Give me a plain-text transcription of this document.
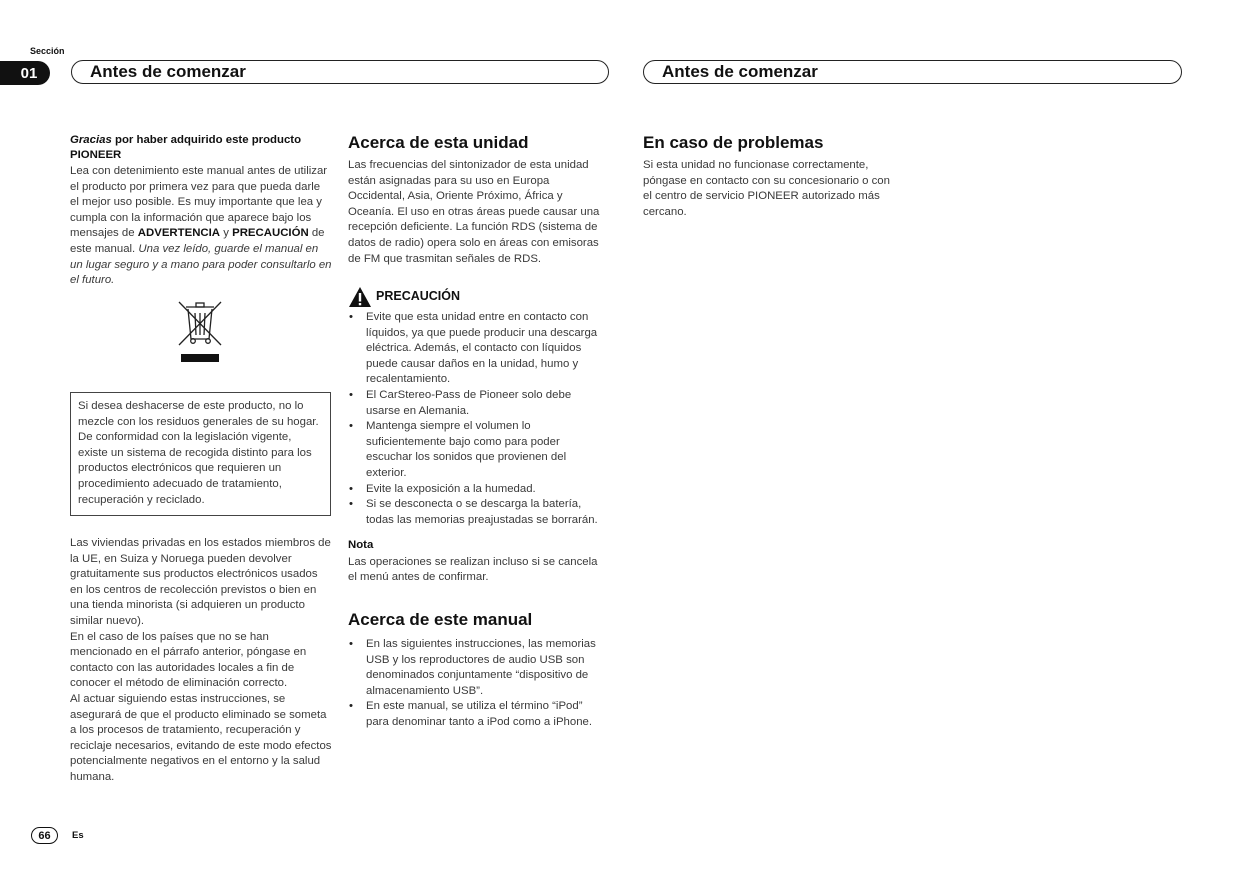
Sección
01	Antes de comenzar	Antes de comenzar
Gracias por haber adquirido este producto
PIONEER

Lea con detenimiento este manual antes de utilizar el producto por primera vez para que pueda darle el mejor uso posible. Es muy importante que lea y cumpla con la información que aparece bajo los mensajes de ADVERTENCIA y PRECAUCIÓN de este manual. Una vez leído, guarde el manual en un lugar seguro y a mano para poder consultarlo en el futuro.

Si desea deshacerse de este producto, no lo mezcle con los residuos generales de su hogar. De conformidad con la legislación vigente, existe un sistema de recogida distinto para los productos electrónicos que requieren un procedimiento adecuado de tratamiento, recuperación y reciclado.

Las viviendas privadas en los estados miembros de la UE, en Suiza y Noruega pueden devolver gratuitamente sus productos electrónicos usados en los centros de recolección previstos o bien en una tienda minorista (si adquieren un producto similar nuevo).

En el caso de los países que no se han mencionado en el párrafo anterior, póngase en contacto con las autoridades locales a fin de conocer el método de eliminación correcto.

Al actuar siguiendo estas instrucciones, se asegurará de que el producto eliminado se someta a los procesos de tratamiento, recuperación y reciclaje necesarios, evitando de este modo efectos potencialmente negativos en el entorno y la salud humana.

Acerca de esta unidad

Las frecuencias del sintonizador de esta unidad están asignadas para su uso en Europa Occidental, Asia, Oriente Próximo, África y Oceanía. El uso en otras áreas puede causar una recepción deficiente. La función RDS (sistema de datos de radio) opera solo en áreas con emisoras de FM que trasmitan señales de RDS.

PRECAUCIÓN
• Evite que esta unidad entre en contacto con líquidos, ya que puede producir una descarga eléctrica. Además, el contacto con líquidos puede causar daños en la unidad, humo y recalentamiento.
• El CarStereo-Pass de Pioneer solo debe usarse en Alemania.
• Mantenga siempre el volumen lo suficientemente bajo como para poder escuchar los sonidos que provienen del exterior.
• Evite la exposición a la humedad.
• Si se desconecta o se descarga la batería, todas las memorias preajustadas se borrarán.
Nota

Las operaciones se realizan incluso si se cancela el menú antes de confirmar.

Acerca de este manual
• En las siguientes instrucciones, las memorias USB y los reproductores de audio USB son denominados conjuntamente “dispositivo de almacenamiento USB”.
• En este manual, se utiliza el término “iPod” para denominar tanto a iPod como a iPhone.
En caso de problemas

Si esta unidad no funcionase correctamente, póngase en contacto con su concesionario o con el centro de servicio PIONEER autorizado más cercano.

66	Es
